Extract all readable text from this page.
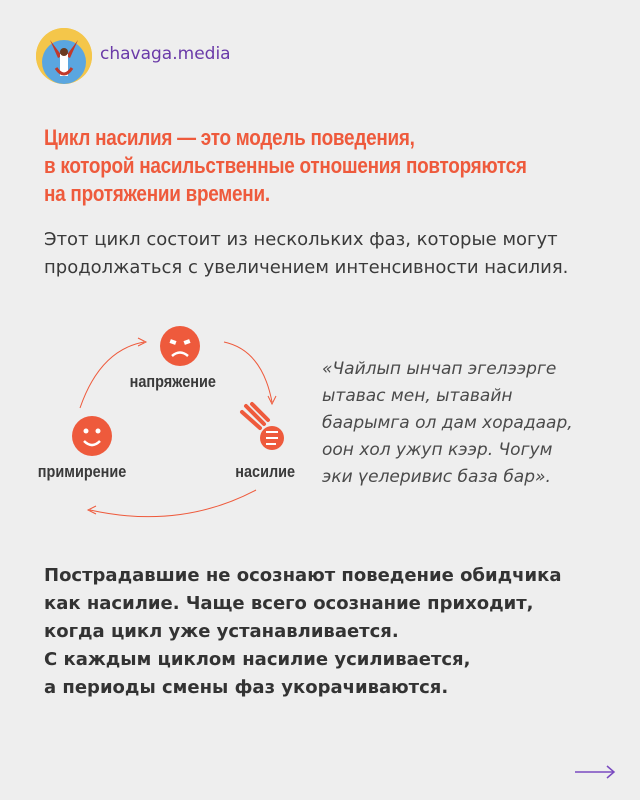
chavaga.media
Цикл насилия — это модель поведения,
в которой насильственные отношения повторяются
на протяжении времени.
Этот цикл состоит из нескольких фаз, которые могут
продолжаться с увеличением интенсивности насилия.
напряжение
примирение	насилие
«Чайлып ынчап эгелээрге
ытавас мен, ытавайн
баарымга ол дам хорадаар,
оон хол ужуп кээр. Чогум
эки үелеривис база бар».
Пострадавшие не осознают поведение обидчика
как насилие. Чаще всего осознание приходит,
когда цикл уже устанавливается.
С каждым циклом насилие усиливается,
а периоды смены фаз укорачиваются.
